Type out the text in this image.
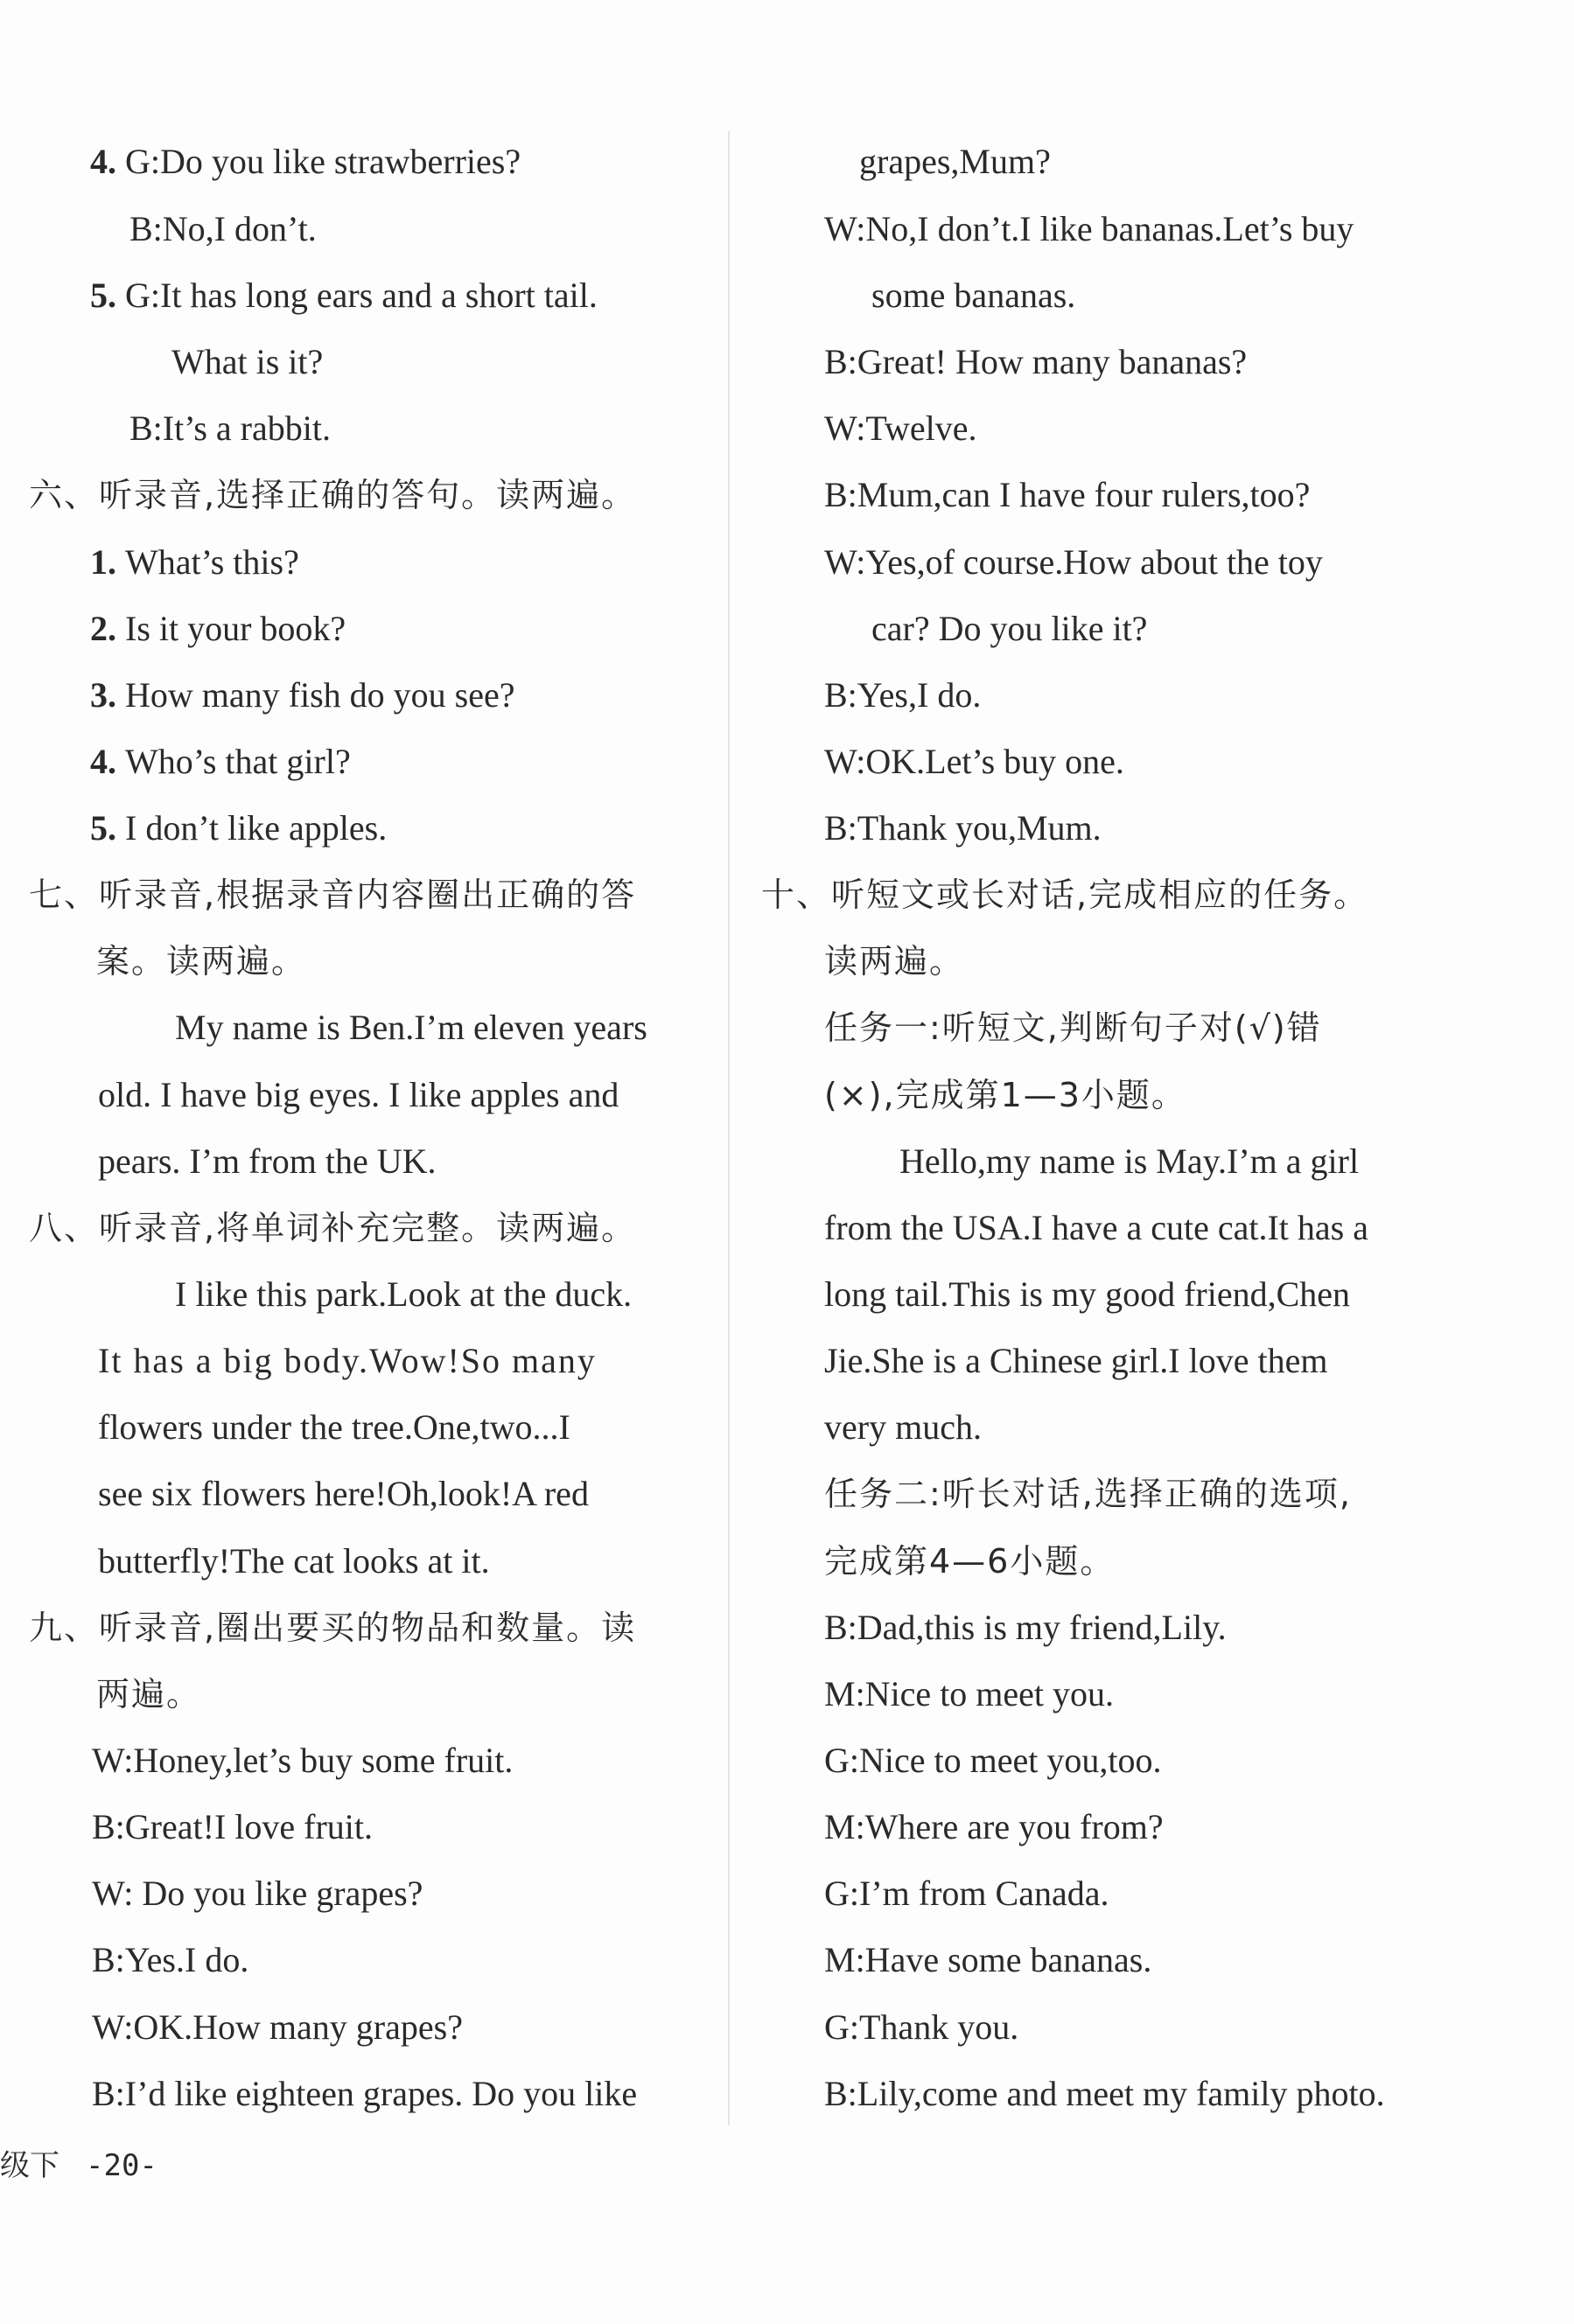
4. G:Do you like strawberries?
B:No,I don’t.
5. G:It has long ears and a short tail.
What is it?
B:It’s a rabbit.
六、听录音,选择正确的答句。读两遍。
1. What’s this?
2. Is it your book?
3. How many fish do you see?
4. Who’s that girl?
5. I don’t like apples.
七、听录音,根据录音内容圈出正确的答
案。读两遍。
My name is Ben.I’m eleven years
old. I have big eyes. I like apples and
pears. I’m from the UK.
八、听录音,将单词补充完整。读两遍。
I like this park.Look at the duck.
It has a big body.Wow!So many
flowers under the tree.One,two...I
see six flowers here!Oh,look!A red
butterfly!The cat looks at it.
九、听录音,圈出要买的物品和数量。读
两遍。
W:Honey,let’s buy some fruit.
B:Great!I love fruit.
W: Do you like grapes?
B:Yes.I do.
W:OK.How many grapes?
B:I’d like eighteen grapes. Do you like
grapes,Mum?
W:No,I don’t.I like bananas.Let’s buy
some bananas.
B:Great! How many bananas?
W:Twelve.
B:Mum,can I have four rulers,too?
W:Yes,of course.How about the toy
car? Do you like it?
B:Yes,I do.
W:OK.Let’s buy one.
B:Thank you,Mum.
十、听短文或长对话,完成相应的任务。
读两遍。
任务一:听短文,判断句子对(√)错
(×),完成第1—3小题。
Hello,my name is May.I’m a girl
from the USA.I have a cute cat.It has a
long tail.This is my good friend,Chen
Jie.She is a Chinese girl.I love them
very much.
任务二:听长对话,选择正确的选项,
完成第4—6小题。
B:Dad,this is my friend,Lily.
M:Nice to meet you.
G:Nice to meet you,too.
M:Where are you from?
G:I’m from Canada.
M:Have some bananas.
G:Thank you.
B:Lily,come and meet my family photo.
级下 -20-
